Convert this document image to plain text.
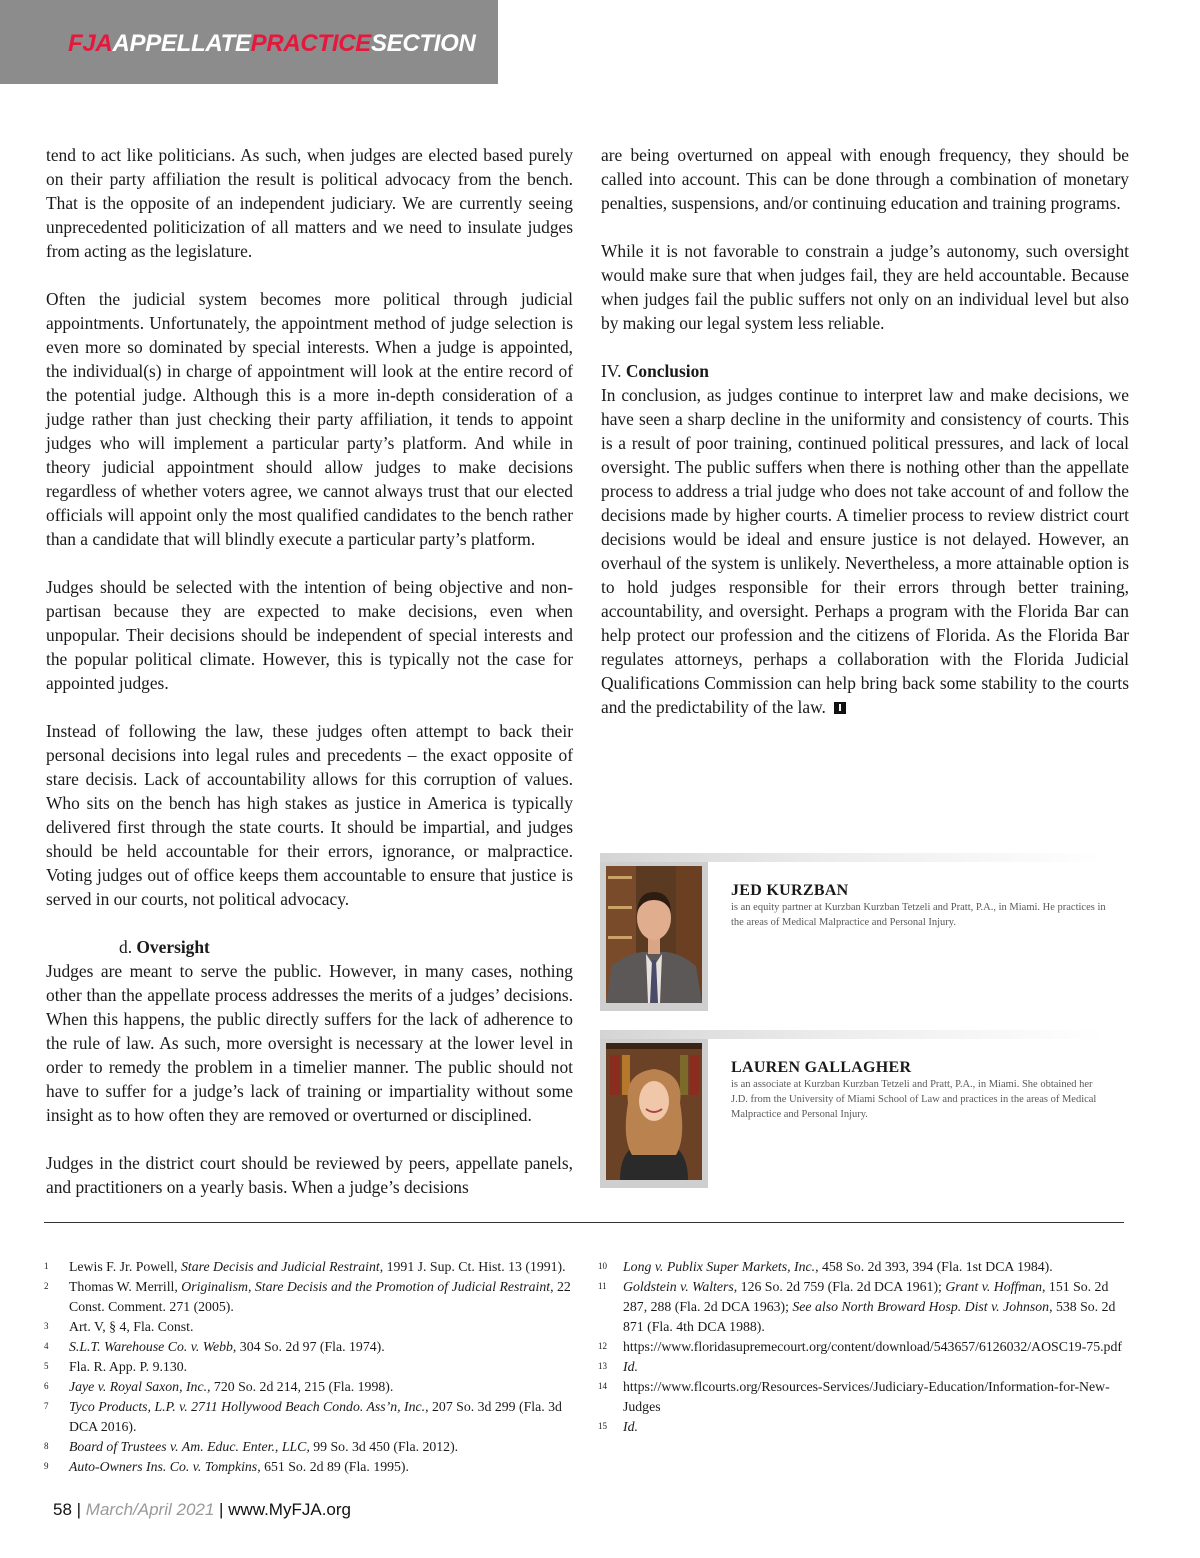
FJAAPPELLATEPRACTICESECTION

tend to act like politicians. As such, when judges are elected based purely on their party affiliation the result is political advocacy from the bench. That is the opposite of an independent judiciary. We are currently seeing unprecedented politicization of all matters and we need to insulate judges from acting as the legislature.

Often the judicial system becomes more political through judicial appointments. Unfortunately, the appointment method of judge selection is even more so dominated by special interests. When a judge is appointed, the individual(s) in charge of appointment will look at the entire record of the potential judge. Although this is a more in-depth consideration of a judge rather than just checking their party affiliation, it tends to appoint judges who will implement a particular party’s platform. And while in theory judicial appointment should allow judges to make decisions regardless of whether voters agree, we cannot always trust that our elected officials will appoint only the most qualified candidates to the bench rather than a candidate that will blindly execute a particular party’s platform.

Judges should be selected with the intention of being objective and non-partisan because they are expected to make decisions, even when unpopular. Their decisions should be independent of special interests and the popular political climate. However, this is typically not the case for appointed judges.

Instead of following the law, these judges often attempt to back their personal decisions into legal rules and precedents – the exact opposite of stare decisis. Lack of accountability allows for this corruption of values. Who sits on the bench has high stakes as justice in America is typically delivered first through the state courts. It should be impartial, and judges should be held accountable for their errors, ignorance, or malpractice. Voting judges out of office keeps them accountable to ensure that justice is served in our courts, not political advocacy.

d. Oversight

Judges are meant to serve the public. However, in many cases, nothing other than the appellate process addresses the merits of a judges’ decisions. When this happens, the public directly suffers for the lack of adherence to the rule of law. As such, more oversight is necessary at the lower level in order to remedy the problem in a timelier manner. The public should not have to suffer for a judge’s lack of training or impartiality without some insight as to how often they are removed or overturned or disciplined.

Judges in the district court should be reviewed by peers, appellate panels, and practitioners on a yearly basis. When a judge’s decisions

are being overturned on appeal with enough frequency, they should be called into account. This can be done through a combination of monetary penalties, suspensions, and/or continuing education and training programs.

While it is not favorable to constrain a judge’s autonomy, such oversight would make sure that when judges fail, they are held accountable. Because when judges fail the public suffers not only on an individual level but also by making our legal system less reliable.

IV. Conclusion

In conclusion, as judges continue to interpret law and make decisions, we have seen a sharp decline in the uniformity and consistency of courts. This is a result of poor training, continued political pressures, and lack of local oversight. The public suffers when there is nothing other than the appellate process to address a trial judge who does not take account of and follow the decisions made by higher courts. A timelier process to review district court decisions would be ideal and ensure justice is not delayed. However, an overhaul of the system is unlikely. Nevertheless, a more attainable option is to hold judges responsible for their errors through better training, accountability, and oversight. Perhaps a program with the Florida Bar can help protect our profession and the citizens of Florida. As the Florida Bar regulates attorneys, perhaps a collaboration with the Florida Judicial Qualifications Commission can help bring back some stability to the courts and the predictability of the law.

JED KURZBAN
is an equity partner at Kurzban Kurzban Tetzeli and Pratt, P.A., in Miami. He practices in the areas of Medical Malpractice and Personal Injury.
LAUREN GALLAGHER
is an associate at Kurzban Kurzban Tetzeli and Pratt, P.A., in Miami. She obtained her J.D. from the University of Miami School of Law and practices in the areas of Medical Malpractice and Personal Injury.
1 Lewis F. Jr. Powell, Stare Decisis and Judicial Restraint, 1991 J. Sup. Ct. Hist. 13 (1991).
2 Thomas W. Merrill, Originalism, Stare Decisis and the Promotion of Judicial Restraint, 22 Const. Comment. 271 (2005).
3 Art. V, § 4, Fla. Const.
4 S.L.T. Warehouse Co. v. Webb, 304 So. 2d 97 (Fla. 1974).
5 Fla. R. App. P. 9.130.
6 Jaye v. Royal Saxon, Inc., 720 So. 2d 214, 215 (Fla. 1998).
7 Tyco Products, L.P. v. 2711 Hollywood Beach Condo. Ass’n, Inc., 207 So. 3d 299 (Fla. 3d DCA 2016).
8 Board of Trustees v. Am. Educ. Enter., LLC, 99 So. 3d 450 (Fla. 2012).
9 Auto-Owners Ins. Co. v. Tompkins, 651 So. 2d 89 (Fla. 1995).
10 Long v. Publix Super Markets, Inc., 458 So. 2d 393, 394 (Fla. 1st DCA 1984).
11 Goldstein v. Walters, 126 So. 2d 759 (Fla. 2d DCA 1961); Grant v. Hoffman, 151 So. 2d 287, 288 (Fla. 2d DCA 1963); See also North Broward Hosp. Dist v. Johnson, 538 So. 2d 871 (Fla. 4th DCA 1988).
12 https://www.floridasupremecourt.org/content/download/543657/6126032/AOSC19-75.pdf
13 Id.
14 https://www.flcourts.org/Resources-Services/Judiciary-Education/Information-for-New-Judges
15 Id.
58 | March/April 2021 | www.MyFJA.org
